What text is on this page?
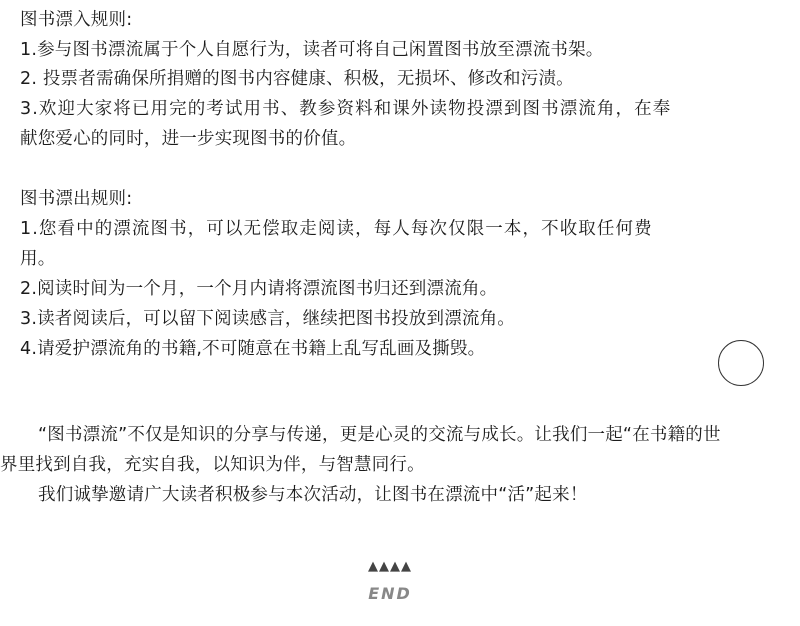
图书漂入规则:
1.参与图书漂流属于个人自愿行为，读者可将自己闲置图书放至漂流书架。
2. 投票者需确保所捐赠的图书内容健康、积极，无损坏、修改和污渍。
3.欢迎大家将已用完的考试用书、教参资料和课外读物投漂到图书漂流角，在奉
献您爱心的同时，进一步实现图书的价值。
图书漂出规则:
1.您看中的漂流图书，可以无偿取走阅读，每人每次仅限一本，不收取任何费
用。
2.阅读时间为一个月，一个月内请将漂流图书归还到漂流角。
3.读者阅读后，可以留下阅读感言，继续把图书投放到漂流角。
4.请爱护漂流角的书籍,不可随意在书籍上乱写乱画及撕毁。
“图书漂流”不仅是知识的分享与传递，更是心灵的交流与成长。让我们一起“在书籍的世
界里找到自我，充实自我，以知识为伴，与智慧同行。
我们诚挚邀请广大读者积极参与本次活动，让图书在漂流中“活”起来！
▲▲▲▲
END
